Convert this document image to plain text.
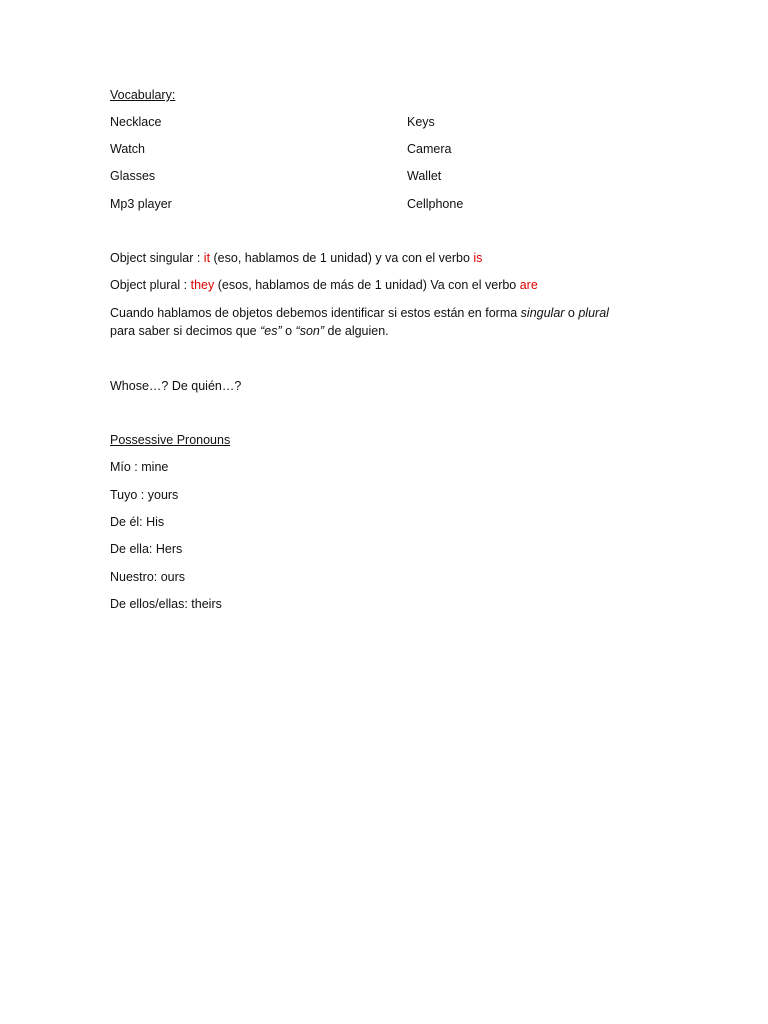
Vocabulary:
Necklace	Keys
Watch	Camera
Glasses	Wallet
Mp3 player	Cellphone
Object singular : it (eso, hablamos de 1 unidad) y va con el verbo is
Object plural : they (esos, hablamos de más de 1 unidad) Va con el verbo are
Cuando hablamos de objetos debemos identificar si estos están en forma singular o plural
para saber si decimos que “es” o “son” de alguien.
Whose…? De quién…?
Possessive Pronouns
Mío : mine
Tuyo : yours
De él: His
De ella: Hers
Nuestro: ours
De ellos/ellas: theirs
